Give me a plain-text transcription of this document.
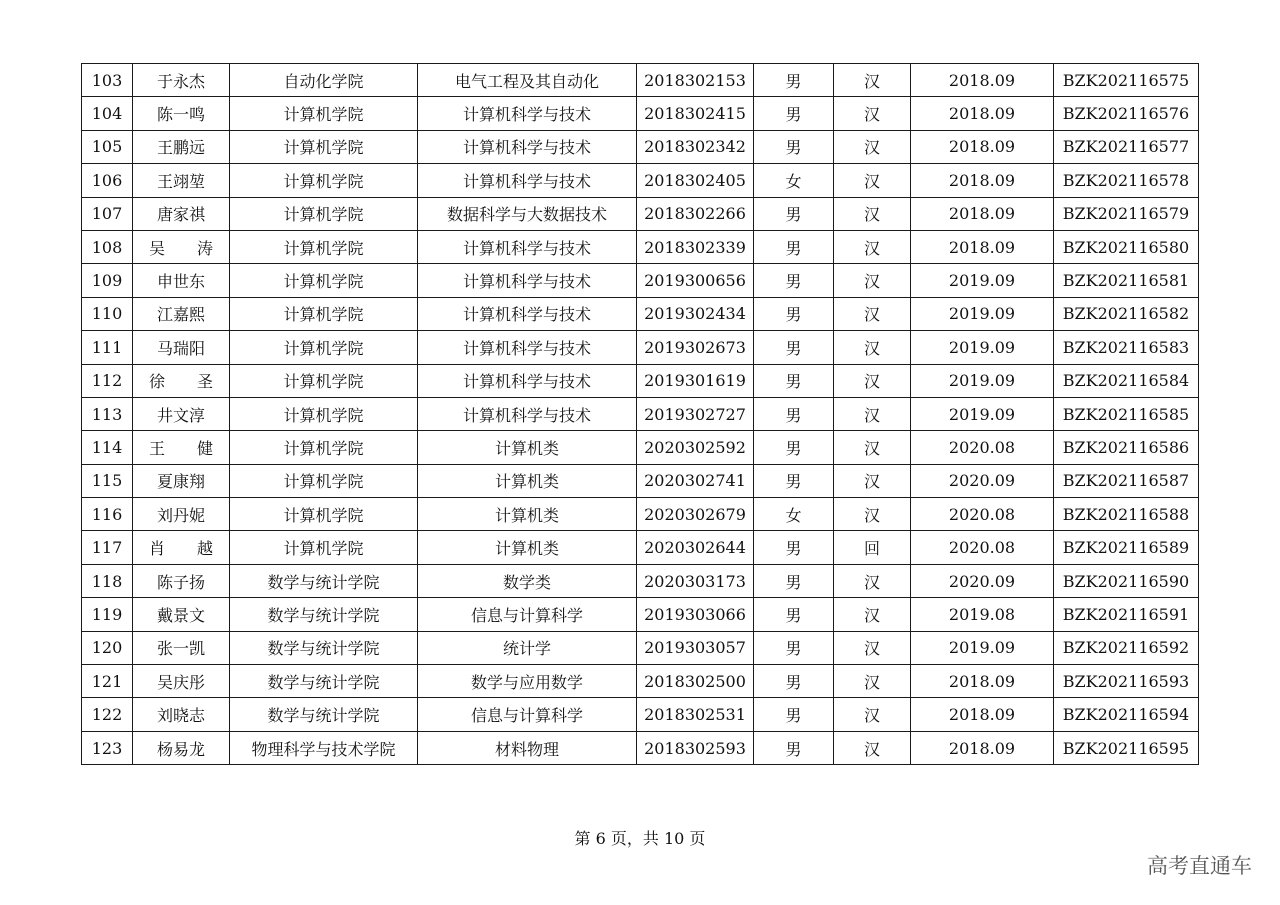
103	于永杰	自动化学院	电气工程及其自动化	2018302153	男	汉	2018.09	BZK202116575
104	陈一鸣	计算机学院	计算机科学与技术	2018302415	男	汉	2018.09	BZK202116576
105	王鹏远	计算机学院	计算机科学与技术	2018302342	男	汉	2018.09	BZK202116577
106	王翊堃	计算机学院	计算机科学与技术	2018302405	女	汉	2018.09	BZK202116578
107	唐家祺	计算机学院	数据科学与大数据技术	2018302266	男	汉	2018.09	BZK202116579
108	吴　　涛	计算机学院	计算机科学与技术	2018302339	男	汉	2018.09	BZK202116580
109	申世东	计算机学院	计算机科学与技术	2019300656	男	汉	2019.09	BZK202116581
110	江嘉熙	计算机学院	计算机科学与技术	2019302434	男	汉	2019.09	BZK202116582
111	马瑞阳	计算机学院	计算机科学与技术	2019302673	男	汉	2019.09	BZK202116583
112	徐　　圣	计算机学院	计算机科学与技术	2019301619	男	汉	2019.09	BZK202116584
113	井文淳	计算机学院	计算机科学与技术	2019302727	男	汉	2019.09	BZK202116585
114	王　　健	计算机学院	计算机类	2020302592	男	汉	2020.08	BZK202116586
115	夏康翔	计算机学院	计算机类	2020302741	男	汉	2020.09	BZK202116587
116	刘丹妮	计算机学院	计算机类	2020302679	女	汉	2020.08	BZK202116588
117	肖　　越	计算机学院	计算机类	2020302644	男	回	2020.08	BZK202116589
118	陈子扬	数学与统计学院	数学类	2020303173	男	汉	2020.09	BZK202116590
119	戴景文	数学与统计学院	信息与计算科学	2019303066	男	汉	2019.08	BZK202116591
120	张一凯	数学与统计学院	统计学	2019303057	男	汉	2019.09	BZK202116592
121	吴庆彤	数学与统计学院	数学与应用数学	2018302500	男	汉	2018.09	BZK202116593
122	刘晓志	数学与统计学院	信息与计算科学	2018302531	男	汉	2018.09	BZK202116594
123	杨易龙	物理科学与技术学院	材料物理	2018302593	男	汉	2018.09	BZK202116595
第 6 页，共 10 页
高考直通车
